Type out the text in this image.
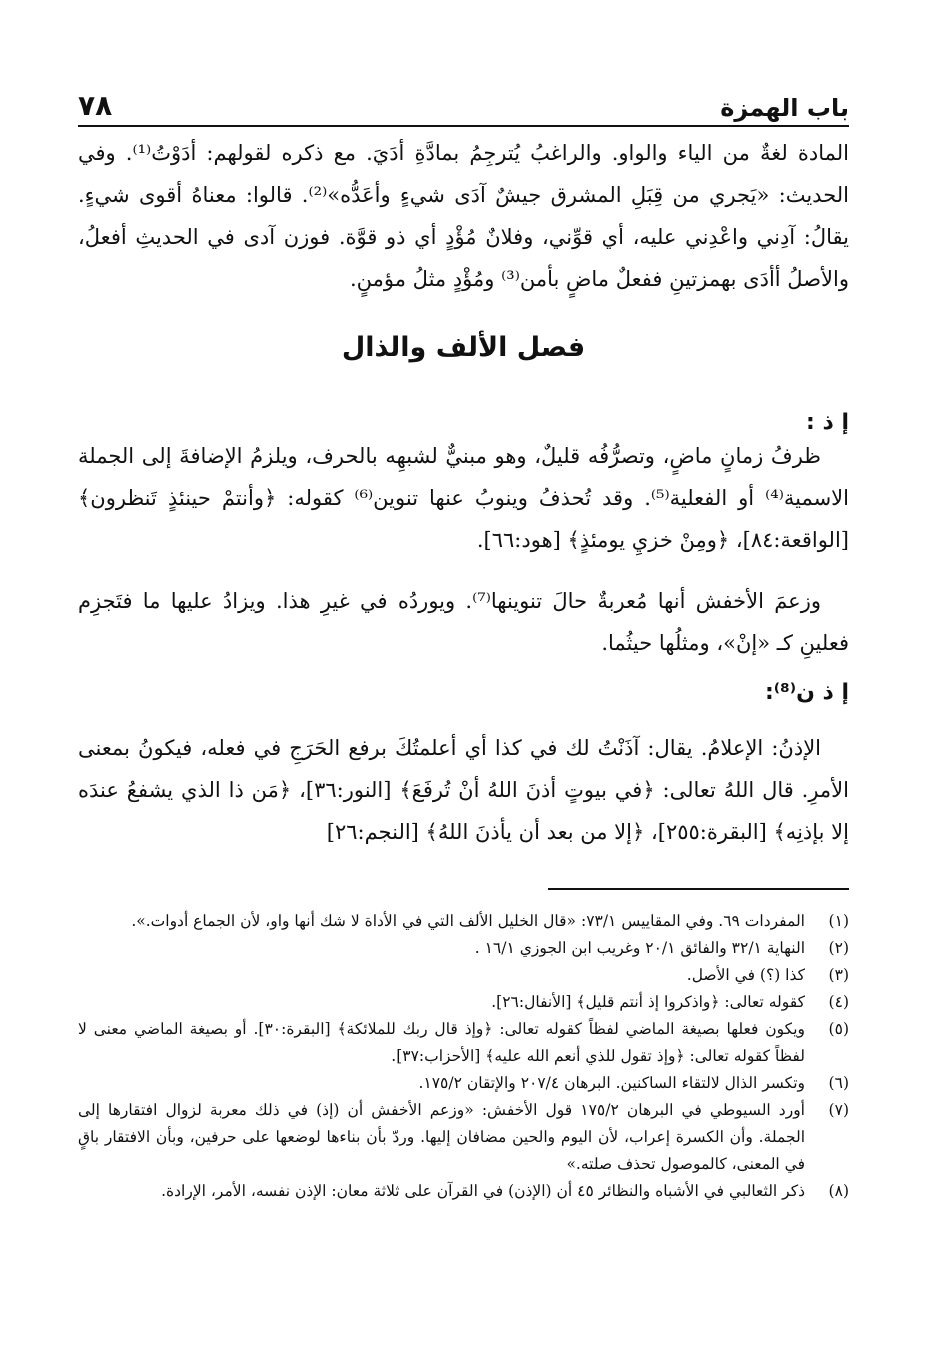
باب الهمزة
٧٨

المادة لغةٌ من الياء والواو. والراغبُ يُترجِمُ بمادَّةِ أدَيَ. مع ذكره لقولهم: أدَوْتُ⁽¹⁾. وفي الحديث: «يَجري من قِبَلِ المشرق جيشٌ آدَى شيءٍ وأعَدُّه»⁽²⁾. قالوا: معناهُ أقوى شيءٍ. يقالُ: آدِني واعْدِني عليه، أي قوِّني، وفلانٌ مُؤْدٍ أي ذو قوَّة. فوزن آدى في الحديثِ أفعلُ، والأصلُ أأدَى بهمزتينِ ففعلٌ ماضٍ بأمن⁽³⁾ ومُؤْدٍ مثلُ مؤمنٍ.

فصل الألف والذال
إ ذ :

ظرفُ زمانٍ ماضٍ، وتصرُّفُه قليلٌ، وهو مبنيٌّ لشبهِه بالحرف، ويلزمُ الإضافةَ إلى الجملة الاسمية⁽⁴⁾ أو الفعلية⁽⁵⁾. وقد تُحذفُ وينوبُ عنها تنوين⁽⁶⁾ كقوله: ﴿وأنتمْ حينئذٍ تَنظرون﴾ [الواقعة:٨٤]، ﴿ومِنْ خزيِ يومئذٍ﴾ [هود:٦٦].

وزعمَ الأخفش أنها مُعربةٌ حالَ تنوينها⁽⁷⁾. ويوردُه في غيرِ هذا. ويزادُ عليها ما فتَجزِم فعلينِ كـ «إنْ»، ومثلُها حيثُما.

إ ذ ن⁽⁸⁾:

الإذنُ: الإعلامُ. يقال: آذَنْتُ لك في كذا أي أعلمتُكَ برفع الحَرَجِ في فعله، فيكونُ بمعنى الأمرِ. قال اللهُ تعالى: ﴿في بيوتٍ أذنَ اللهُ أنْ تُرفَعَ﴾ [النور:٣٦]، ﴿مَن ذا الذي يشفعُ عندَه إلا بإذنِه﴾ [البقرة:٢٥٥]، ﴿إلا من بعد أن يأذنَ اللهُ﴾ [النجم:٢٦]

(١)
المفردات ٦٩. وفي المقاييس ٧٣/١: «قال الخليل الألف التي في الأداة لا شك أنها واو، لأن الجماع أدوات.».
(٢)
النهاية ٣٢/١ والفائق ٢٠/١ وغريب ابن الجوزي ١٦/١ .
(٣)
كذا (؟) في الأصل.
(٤)
كقوله تعالى: ﴿واذكروا إذ أنتم قليل﴾ [الأنفال:٢٦].
(٥)
ويكون فعلها بصيغة الماضي لفظاً كقوله تعالى: ﴿وإذ قال ربك للملائكة﴾ [البقرة:٣٠]. أو بصيغة الماضي معنى لا لفظاً كقوله تعالى: ﴿وإذ تقول للذي أنعم الله عليه﴾ [الأحزاب:٣٧].
(٦)
وتكسر الذال لالتقاء الساكنين. البرهان ٢٠٧/٤ والإتقان ١٧٥/٢.
(٧)
أورد السيوطي في البرهان ١٧٥/٢ قول الأخفش: «وزعم الأخفش أن (إذ) في ذلك معربة لزوال افتقارها إلى الجملة. وأن الكسرة إعراب، لأن اليوم والحين مضافان إليها. وردّ بأن بناءها لوضعها على حرفين، وبأن الافتقار باقٍ في المعنى، كالموصول تحذف صلته.»
(٨)
ذكر الثعالبي في الأشباه والنظائر ٤٥ أن (الإذن) في القرآن على ثلاثة معان: الإذن نفسه، الأمر، الإرادة.
